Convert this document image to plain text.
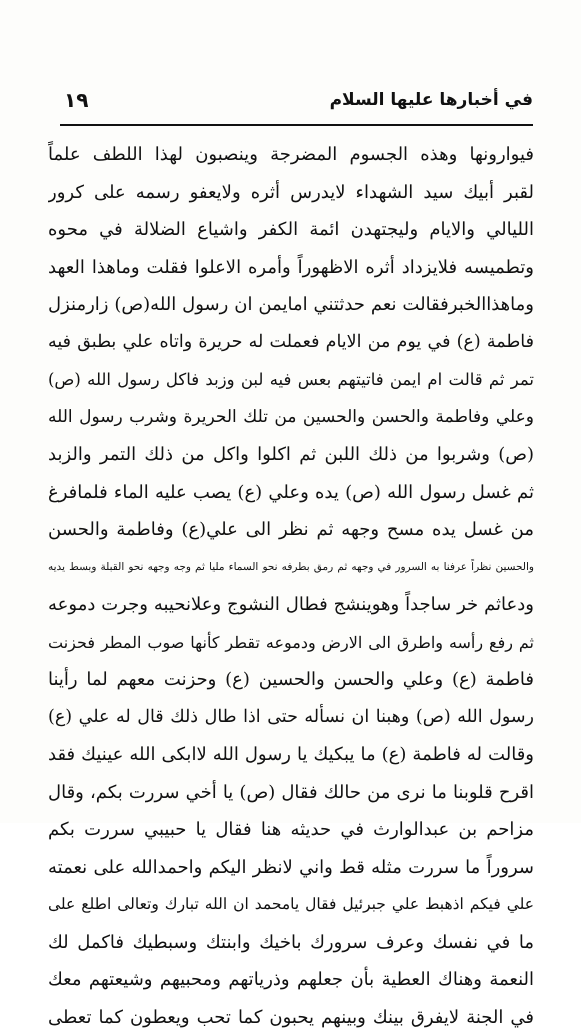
في أخبارها عليها السلام
١٩
فيوارونها وهذه الجسوم المضرجة وينصبون لهذا اللطف علماً
لقبر أبيك سيد الشهداء لايدرس أثره ولايعفو رسمه على كرور
الليالي والايام وليجتهدن ائمة الكفر واشياع الضلالة في محوه
وتطميسه فلايزداد أثره الاظهوراً وأمره الاعلوا فقلت وماهذا العهد
وماهذاالخبرفقالت نعم حدثتني امايمن ان رسول الله(ص) زارمنزل
فاطمة (ع) في يوم من الايام فعملت له حريرة واتاه علي بطبق فيه
تمر ثم قالت ام ايمن فاتيتهم بعس فيه لبن وزبد فاكل رسول الله (ص)
وعلي وفاطمة والحسن والحسين من تلك الحريرة وشرب رسول الله
(ص) وشربوا من ذلك اللبن ثم اكلوا واكل من ذلك التمر والزبد
ثم غسل رسول الله (ص) يده وعلي (ع) يصب عليه الماء فلمافرغ
من غسل يده مسح وجهه ثم نظر الى علي(ع) وفاطمة والحسن
والحسين نظراً عرفنا به السرور في وجهه ثم رمق بطرفه نحو السماء مليا ثم وجه وجهه نحو القبلة وبسط يديه
ودعاثم خر ساجداً وهوينشج فطال النشوج وعلانحيبه وجرت دموعه
ثم رفع رأسه واطرق الى الارض ودموعه تقطر كأنها صوب المطر فحزنت
فاطمة (ع) وعلي والحسن والحسين (ع) وحزنت معهم لما رأينا
رسول الله (ص) وهبنا ان نسأله حتى اذا طال ذلك قال له علي (ع)
وقالت له فاطمة (ع) ما يبكيك يا رسول الله لاابكى الله عينيك فقد
اقرح قلوبنا ما نرى من حالك فقال (ص) يا أخي سررت بكم، وقال
مزاحم بن عبدالوارث في حديثه هنا فقال يا حبيبي سررت بكم
سروراً ما سررت مثله قط واني لانظر اليكم واحمدالله على نعمته
علي فيكم اذهبط علي جبرئيل فقال يامحمد ان الله تبارك وتعالى اطلع على
ما في نفسك وعرف سرورك باخيك وابنتك وسبطيك فاكمل لك
النعمة وهناك العطية بأن جعلهم وذرياتهم ومحبيهم وشيعتهم معك
في الجنة لايفرق بينك وبينهم يحبون كما تحب ويعطون كما تعطى
